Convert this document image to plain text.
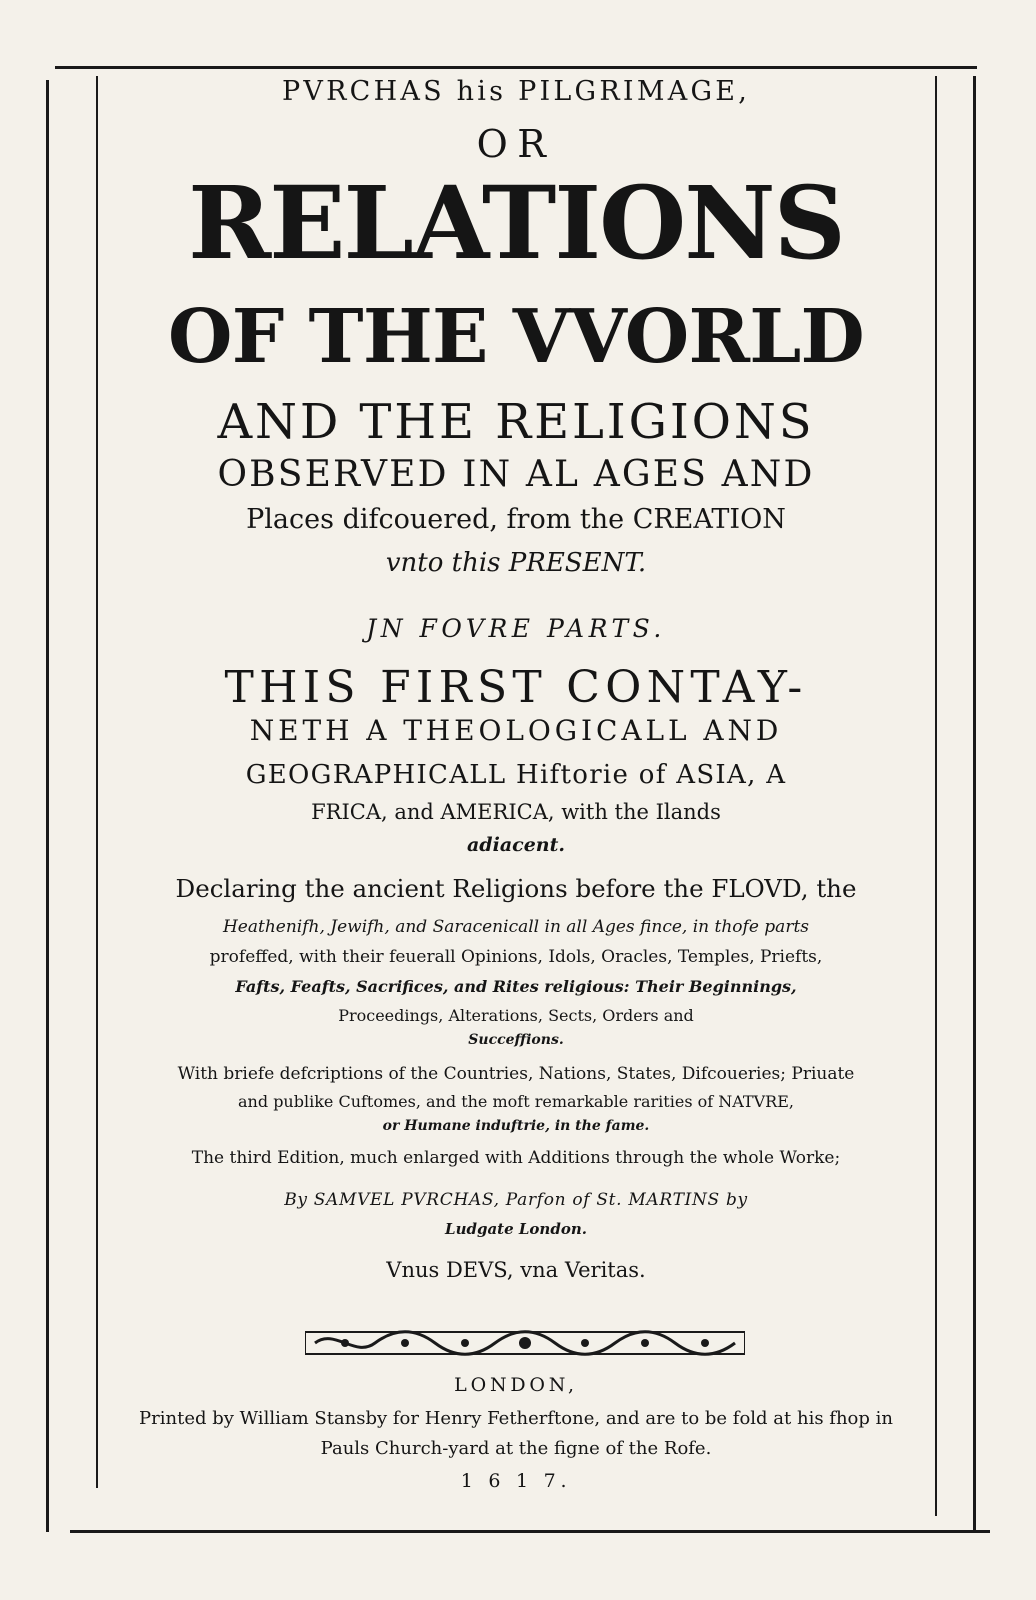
PVRCHAS his PILGRIMAGE,
OR
RELATIONS
OF THE VVORLD
AND THE RELIGIONS
OBSERVED IN AL AGES AND
Places difcouered, from the CREATION
vnto this PRESENT.
JN FOVRE PARTS.
THIS FIRST CONTAY-
NETH A THEOLOGICALL AND
GEOGRAPHICALL Hiftorie of ASIA, A
FRICA, and AMERICA, with the Ilands
adiacent.
Declaring the ancient Religions before the FLOVD, the
Heathenifh, Jewifh, and Saracenicall in all Ages fince, in thofe parts
profeffed, with their feuerall Opinions, Idols, Oracles, Temples, Priefts,
Fafts, Feafts, Sacrifices, and Rites religious: Their Beginnings,
Proceedings, Alterations, Sects, Orders and
Succeffions.
With briefe defcriptions of the Countries, Nations, States, Difcoueries; Priuate
and publike Cuftomes, and the moft remarkable rarities of NATVRE,
or Humane induftrie, in the fame.
The third Edition, much enlarged with Additions through the whole Worke;
By SAMVEL PVRCHAS, Parfon of St. MARTINS by
Ludgate London.
Vnus DEVS, vna Veritas.
LONDON,
Printed by William Stansby for Henry Fetherftone, and are to be fold at his fhop in
Pauls Church-yard at the figne of the Rofe.
1 6 1 7.
